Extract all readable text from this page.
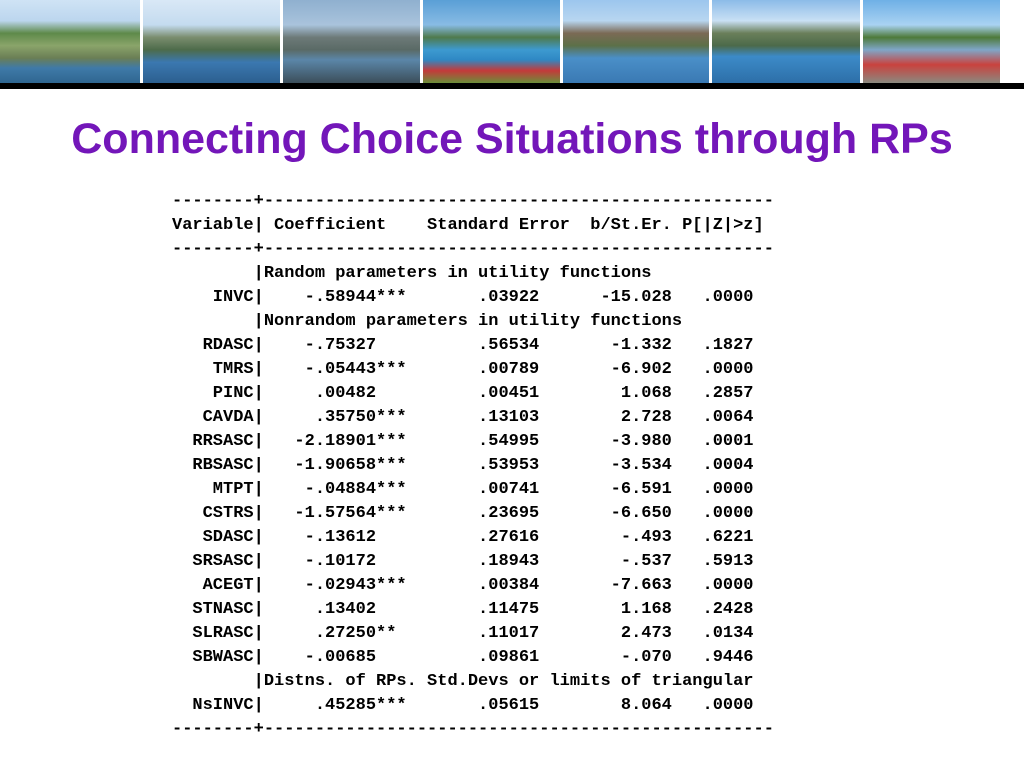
Connecting Choice Situations through RPs
--------+--------------------------------------------------
Variable| Coefficient    Standard Error  b/St.Er. P[|Z|>z]
--------+--------------------------------------------------
|Random parameters in utility functions
INVC|    -.58944***       .03922      -15.028   .0000
|Nonrandom parameters in utility functions
RDASC|    -.75327          .56534       -1.332   .1827
TMRS|    -.05443***       .00789       -6.902   .0000
PINC|     .00482          .00451        1.068   .2857
CAVDA|     .35750***       .13103        2.728   .0064
RRSASC|   -2.18901***       .54995       -3.980   .0001
RBSASC|   -1.90658***       .53953       -3.534   .0004
MTPT|    -.04884***       .00741       -6.591   .0000
CSTRS|   -1.57564***       .23695       -6.650   .0000
SDASC|    -.13612          .27616        -.493   .6221
SRSASC|    -.10172          .18943        -.537   .5913
ACEGT|    -.02943***       .00384       -7.663   .0000
STNASC|     .13402          .11475        1.168   .2428
SLRASC|     .27250**        .11017        2.473   .0134
SBWASC|    -.00685          .09861        -.070   .9446
|Distns. of RPs. Std.Devs or limits of triangular
NsINVC|     .45285***       .05615        8.064   .0000
--------+--------------------------------------------------
